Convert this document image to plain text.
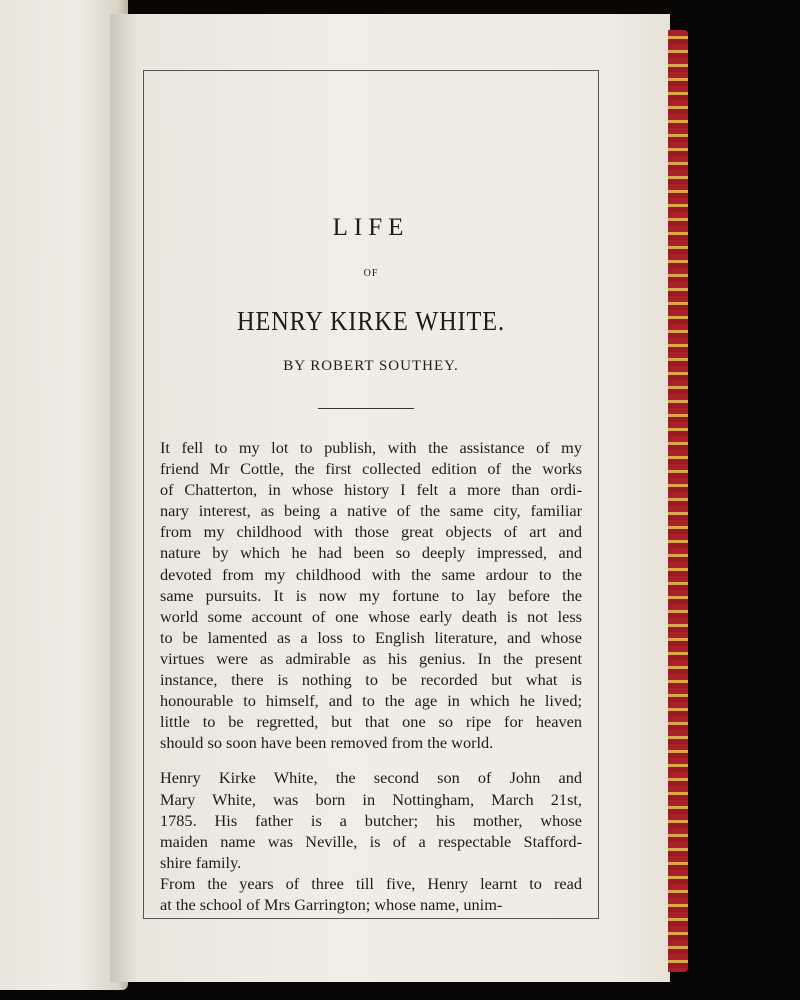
LIFE
OF
HENRY KIRKE WHITE.
BY ROBERT SOUTHEY.
It fell to my lot to publish, with the assistance of my
friend Mr Cottle, the first collected edition of the works
of Chatterton, in whose history I felt a more than ordi-
nary interest, as being a native of the same city, familiar
from my childhood with those great objects of art and
nature by which he had been so deeply impressed, and
devoted from my childhood with the same ardour to the
same pursuits. It is now my fortune to lay before the
world some account of one whose early death is not less
to be lamented as a loss to English literature, and whose
virtues were as admirable as his genius. In the present
instance, there is nothing to be recorded but what is
honourable to himself, and to the age in which he lived;
little to be regretted, but that one so ripe for heaven
should so soon have been removed from the world.
Henry Kirke White, the second son of John and
Mary White, was born in Nottingham, March 21st,
1785. His father is a butcher; his mother, whose
maiden name was Neville, is of a respectable Stafford-
shire family.
From the years of three till five, Henry learnt to read
at the school of Mrs Garrington; whose name, unim-
